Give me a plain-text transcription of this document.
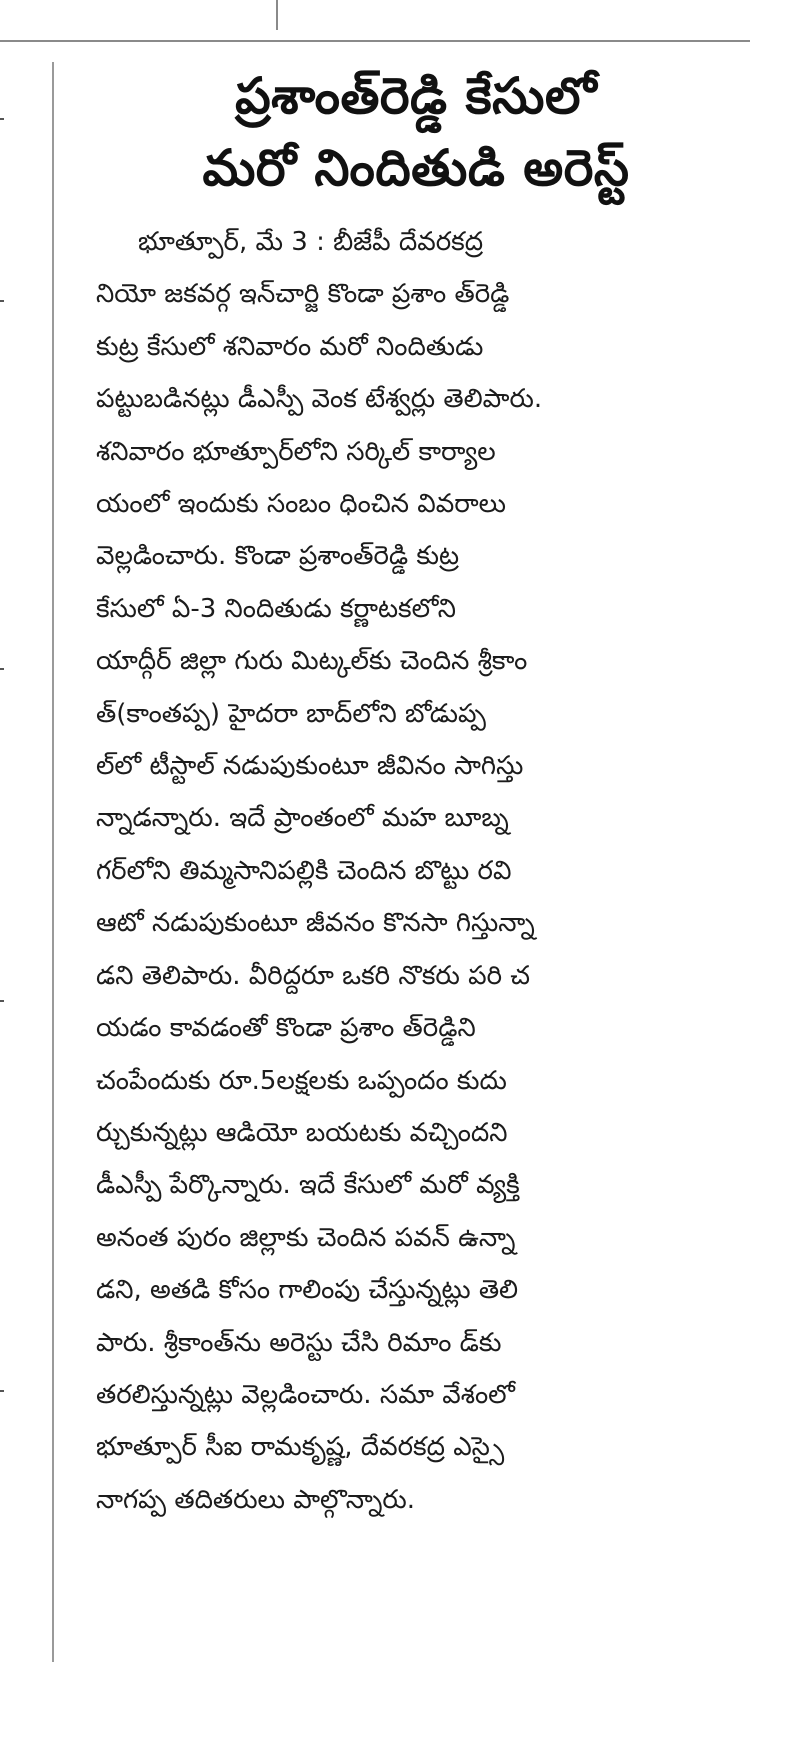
ప్రశాంత్‌రెడ్డి కేసులో
మరో నిందితుడి అరెస్ట్
భూత్పూర్, మే 3 : బీజేపీ దేవరకద్ర
నియో జకవర్గ ఇన్‌చార్జి కొండా ప్రశాం త్‌రెడ్డి
కుట్ర కేసులో శనివారం మరో నిందితుడు
పట్టుబడినట్లు డీఎస్పీ వెంక టేశ్వర్లు తెలిపారు.
శనివారం భూత్పూర్‌లోని సర్కిల్ కార్యాల
యంలో ఇందుకు సంబం ధించిన వివరాలు
వెల్లడించారు. కొండా ప్రశాంత్‌రెడ్డి కుట్ర
కేసులో ఏ-3 నిందితుడు కర్ణాటకలోని
యాద్గీర్ జిల్లా గురు మిట్కల్‌కు చెందిన శ్రీకాం
త్(కాంతప్ప) హైదరా బాద్‌లోని బోడుప్ప
ల్‌లో టీస్టాల్ నడుపుకుంటూ జీవినం సాగిస్తు
న్నాడన్నారు. ఇదే ప్రాంతంలో మహ బూబ్న
గర్‌లోని తిమ్మసానిపల్లికి చెందిన బొట్టు రవి
ఆటో నడుపుకుంటూ జీవనం కొనసా గిస్తున్నా
డని తెలిపారు. వీరిద్దరూ ఒకరి నొకరు పరి చ
యడం కావడంతో కొండా ప్రశాం త్‌రెడ్డిని
చంపేందుకు రూ.5లక్షలకు ఒప్పందం కుదు
ర్చుకున్నట్లు ఆడియో బయటకు వచ్చిందని
డీఎస్పీ పేర్కొన్నారు. ఇదే కేసులో మరో వ్యక్తి
అనంత పురం జిల్లాకు చెందిన పవన్ ఉన్నా
డని, అతడి కోసం గాలింపు చేస్తున్నట్లు తెలి
పారు. శ్రీకాంత్‌ను అరెస్టు చేసి రిమాం డ్‌కు
తరలిస్తున్నట్లు వెల్లడించారు. సమా వేశంలో
భూత్పూర్ సీఐ రామకృష్ణ, దేవరకద్ర ఎస్సై
నాగప్ప తదితరులు పాల్గొన్నారు.
